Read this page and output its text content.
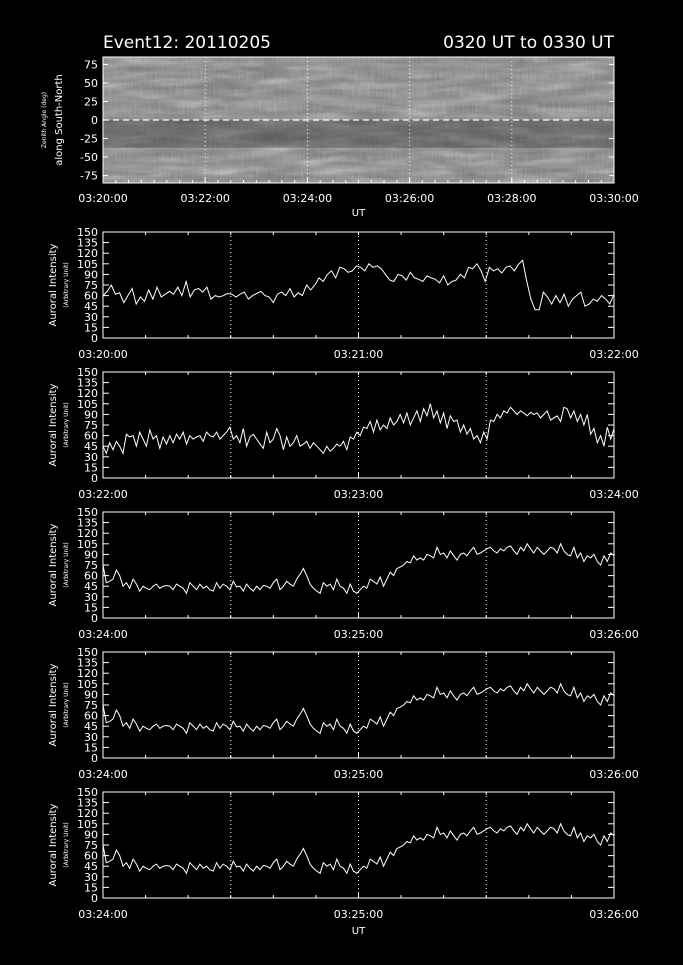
Event12: 20110205	0320 UT to 0330 UT
75
50
25
0
-25
-50
-75
03:20:00	03:22:00	03:24:00	03:26:00	03:28:00	03:30:00
UT
Zenith Angle (deg) along South-North
0
15
30
45
60
75
90
105
120
135
150
03:20:00	03:21:00	03:22:00
Auroral Intensity (Arbitrary Unit)
0
15
30
45
60
75
90
105
120
135
150
03:22:00	03:23:00	03:24:00
Auroral Intensity (Arbitrary Unit)
0
15
30
45
60
75
90
105
120
135
150
03:24:00	03:25:00	03:26:00
Auroral Intensity (Arbitrary Unit)
0
15
30
45
60
75
90
105
120
135
150
03:24:00	03:25:00	03:26:00
Auroral Intensity (Arbitrary Unit)
0
15
30
45
60
75
90
105
120
135
150
03:24:00	03:25:00	03:26:00
Auroral Intensity (Arbitrary Unit)
UT
